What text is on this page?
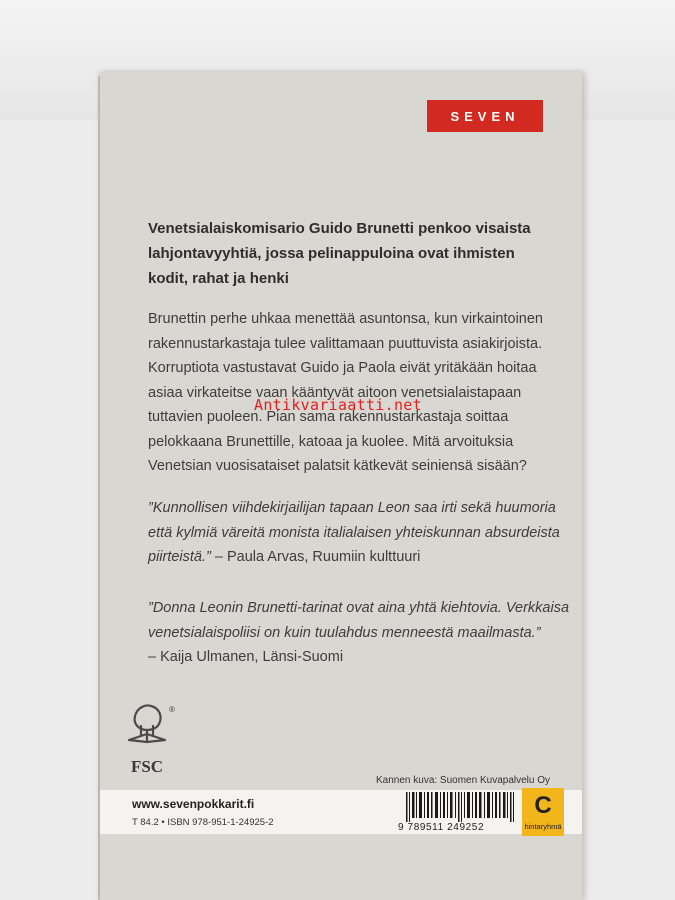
SEVEN
Venetsialaiskomisario Guido Brunetti penkoo visaista
lahjontavyyhtiä, jossa pelinappuloina ovat ihmisten
kodit, rahat ja henki
Brunettin perhe uhkaa menettää asuntonsa, kun virkaintoinen
rakennustarkastaja tulee valittamaan puuttuvista asiakirjoista.
Korruptiota vastustavat Guido ja Paola eivät yritäkään hoitaa
asiaa virkateitse vaan kääntyvät aitoon venetsialaistapaan
tuttavien puoleen. Pian sama rakennustarkastaja soittaa
pelokkaana Brunettille, katoaa ja kuolee. Mitä arvoituksia
Venetsian vuosisataiset palatsit kätkevät seiniensä sisään?
Antikvariaatti.net
”Kunnollisen viihdekirjailijan tapaan Leon saa irti sekä huumoria
että kylmiä väreitä monista italialaisen yhteiskunnan absurdeista
piirteistä.” – Paula Arvas, Ruumiin kulttuuri
”Donna Leonin Brunetti-tarinat ovat aina yhtä kiehtovia. Verkkaisa
venetsialaispoliisi on kuin tuulahdus menneestä maailmasta.”
– Kaija Ulmanen, Länsi-Suomi
FSC
®
Kannen kuva: Suomen Kuvapalvelu Oy
www.sevenpokkarit.fi
T 84.2 • ISBN 978-951-1-24925-2	9 789511 249252
C
hintaryhmä
